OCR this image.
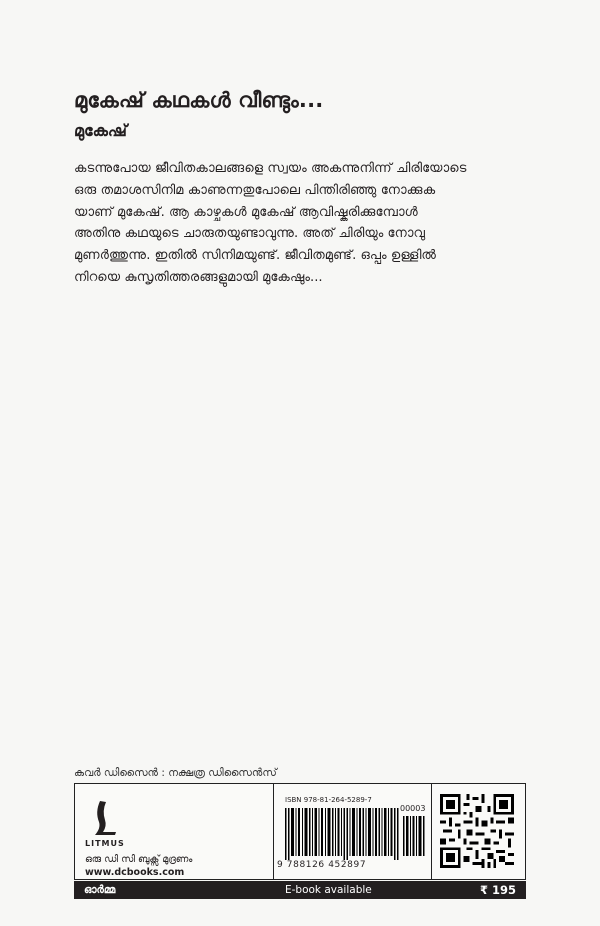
മുകേഷ് കഥകൾ വീണ്ടും...
മുകേഷ്
കടന്നുപോയ ജീവിതകാലങ്ങളെ സ്വയം അകന്നുനിന്ന് ചിരിയോടെ
ഒരു തമാശസിനിമ കാണുന്നതുപോലെ പിന്തിരിഞ്ഞു നോക്കുക
യാണ് മുകേഷ്. ആ കാഴ്ചകൾ മുകേഷ് ആവിഷ്കരിക്കുമ്പോൾ
അതിനു കഥയുടെ ചാരുതയുണ്ടാവുന്നു. അത് ചിരിയും നോവു
മുണർത്തുന്നു. ഇതിൽ സിനിമയുണ്ട്. ജീവിതമുണ്ട്. ഒപ്പം ഉള്ളിൽ
നിറയെ കുസൃതിത്തരങ്ങളുമായി മുകേഷും...
കവർ ഡിസൈൻ : നക്ഷത്ര ഡിസൈൻസ്
LITMUS
ഒരു ഡി സി ബുക്സ് മുദ്രണം
www.dcbooks.com
ISBN 978-81-264-5289-7
00003
9 788126 452897
ഓർമ്മ	E-book available	₹ 195
